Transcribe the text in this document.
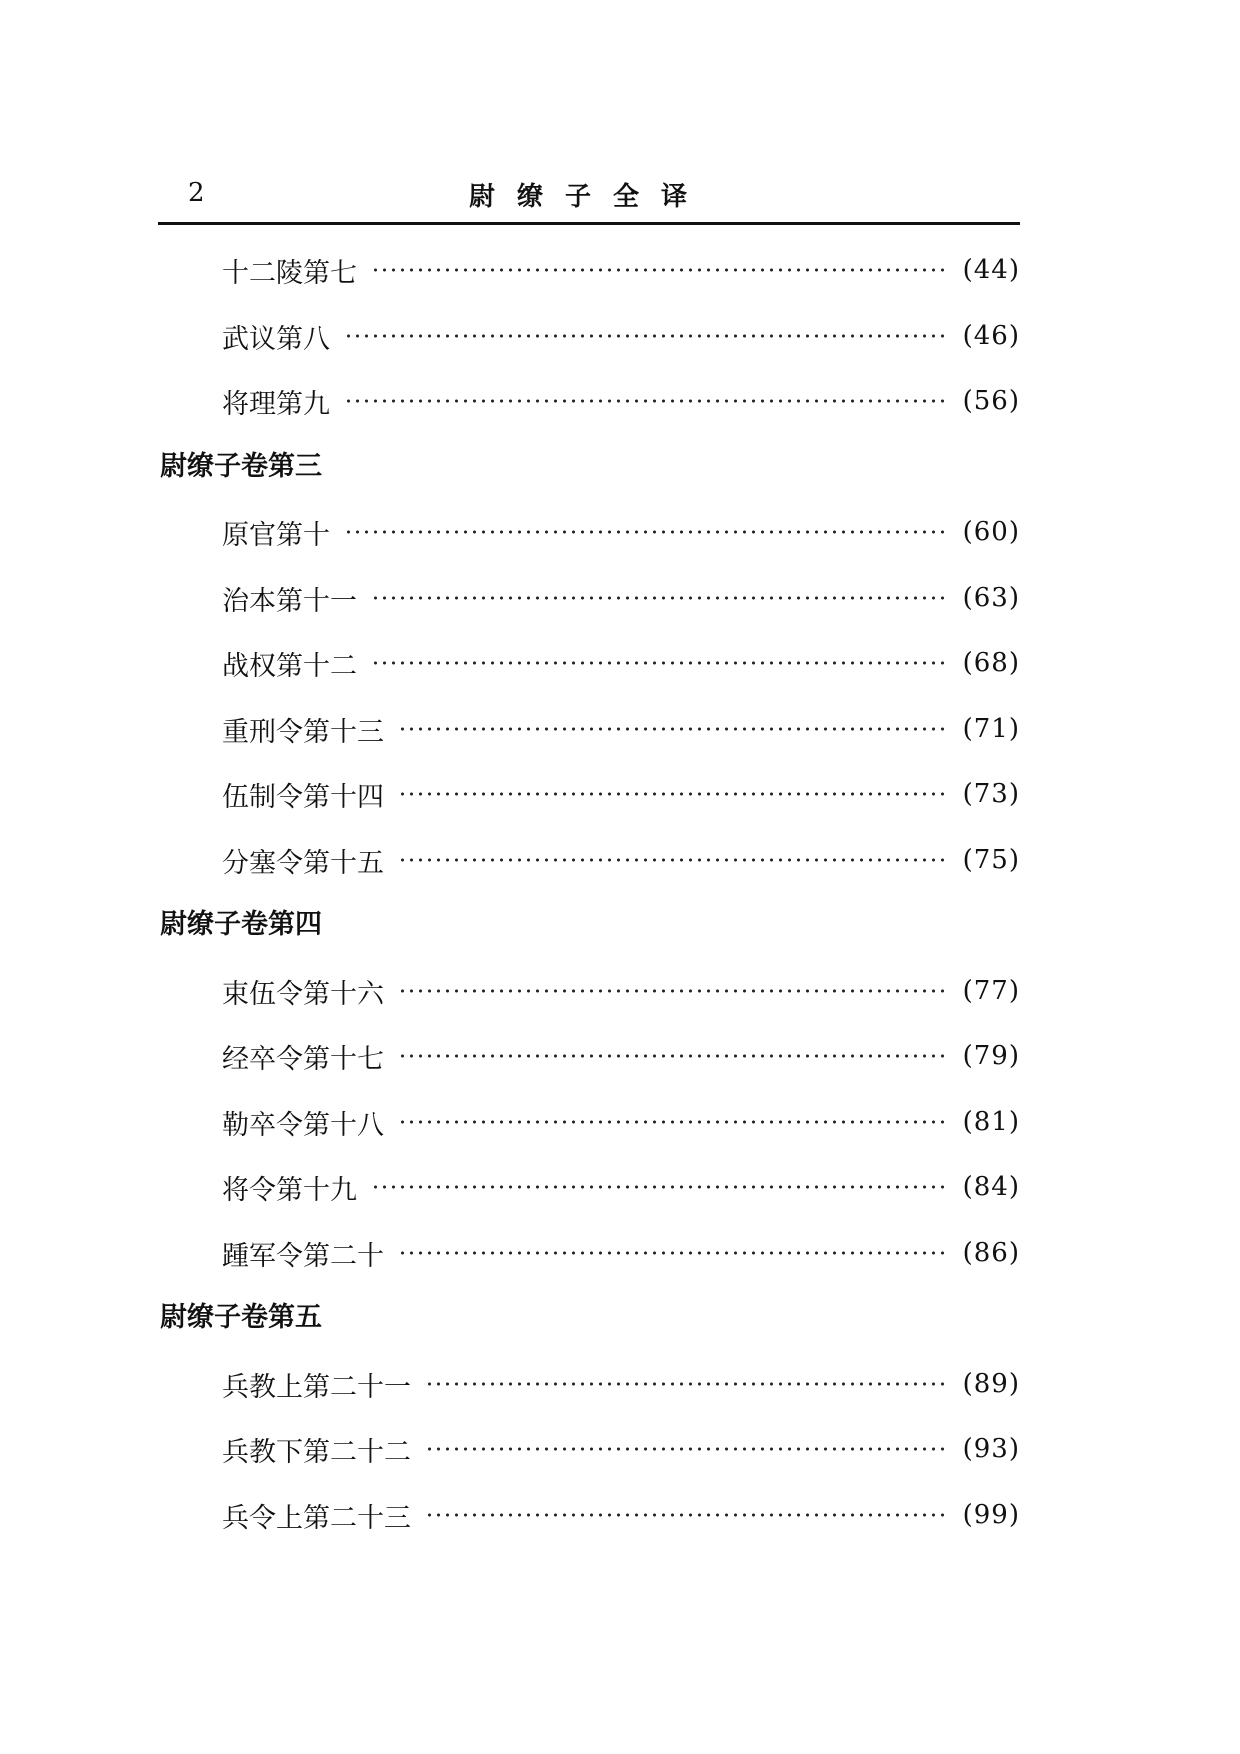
2	尉缭子全译
十二陵第七	(44)
武议第八	(46)
将理第九	(56)
尉缭子卷第三
原官第十	(60)
治本第十一	(63)
战权第十二	(68)
重刑令第十三	(71)
伍制令第十四	(73)
分塞令第十五	(75)
尉缭子卷第四
束伍令第十六	(77)
经卒令第十七	(79)
勒卒令第十八	(81)
将令第十九	(84)
踵军令第二十	(86)
尉缭子卷第五
兵教上第二十一	(89)
兵教下第二十二	(93)
兵令上第二十三	(99)
